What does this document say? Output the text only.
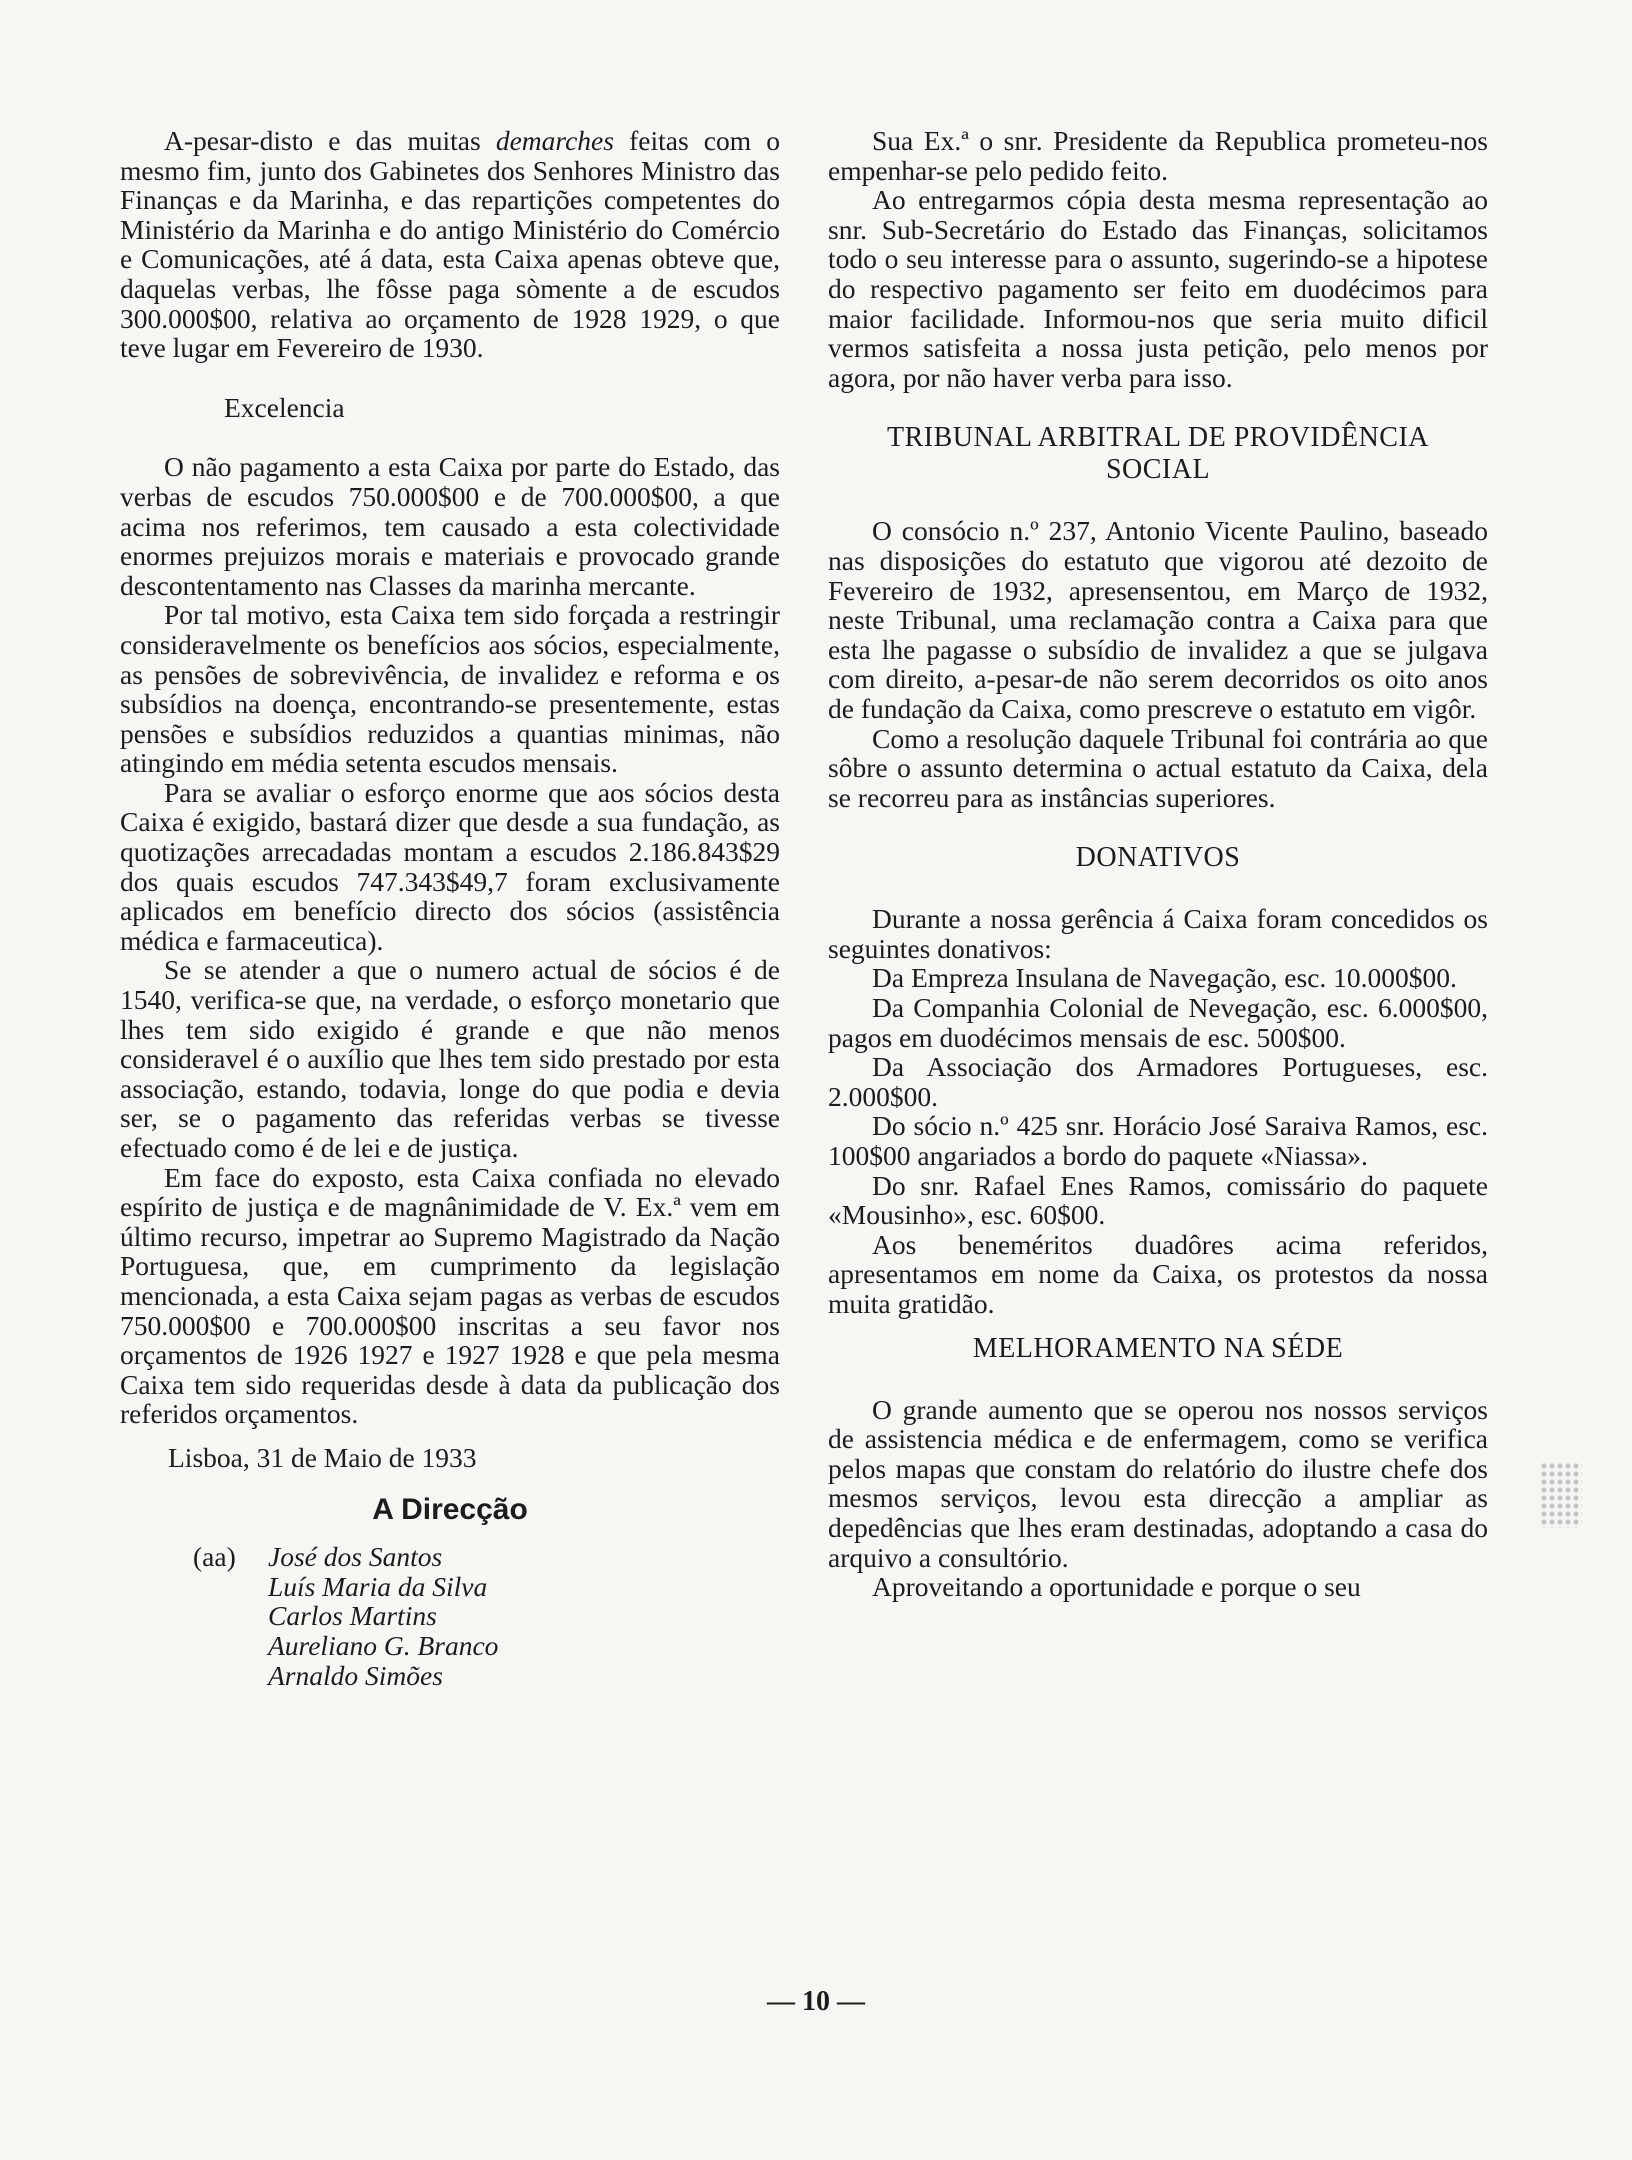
A-pesar-disto e das muitas demarches feitas com o mesmo fim, junto dos Gabinetes dos Senhores Ministro das Finanças e da Marinha, e das repartições competentes do Ministério da Marinha e do antigo Ministério do Comércio e Comunicações, até á data, esta Caixa apenas obteve que, daquelas verbas, lhe fôsse paga sòmente a de escudos 300.000$00, relativa ao orçamento de 1928 1929, o que teve lugar em Fevereiro de 1930.

Excelencia

O não pagamento a esta Caixa por parte do Estado, das verbas de escudos 750.000$00 e de 700.000$00, a que acima nos referimos, tem causado a esta colectividade enormes prejuizos morais e materiais e provocado grande descontentamento nas Classes da marinha mercante.

Por tal motivo, esta Caixa tem sido forçada a restringir consideravelmente os benefícios aos sócios, especialmente, as pensões de sobrevivência, de invalidez e reforma e os subsídios na doença, encontrando-se presentemente, estas pensões e subsídios reduzidos a quantias minimas, não atingindo em média setenta escudos mensais.

Para se avaliar o esforço enorme que aos sócios desta Caixa é exigido, bastará dizer que desde a sua fundação, as quotizações arrecadadas montam a escudos 2.186.843$29 dos quais escudos 747.343$49,7 foram exclusivamente aplicados em benefício directo dos sócios (assistência médica e farmaceutica).

Se se atender a que o numero actual de sócios é de 1540, verifica-se que, na verdade, o esforço monetario que lhes tem sido exigido é grande e que não menos consideravel é o auxílio que lhes tem sido prestado por esta associação, estando, todavia, longe do que podia e devia ser, se o pagamento das referidas verbas se tivesse efectuado como é de lei e de justiça.

Em face do exposto, esta Caixa confiada no elevado espírito de justiça e de magnânimidade de V. Ex.ª vem em último recurso, impetrar ao Supremo Magistrado da Nação Portuguesa, que, em cumprimento da legislação mencionada, a esta Caixa sejam pagas as verbas de escudos 750.000$00 e 700.000$00 inscritas a seu favor nos orçamentos de 1926 1927 e 1927 1928 e que pela mesma Caixa tem sido requeridas desde à data da publicação dos referidos orçamentos.

Lisboa, 31 de Maio de 1933

A Direcção

(aa)	José dos Santos
Luís Maria da Silva
Carlos Martins
Aureliano G. Branco
Arnaldo Simões

Sua Ex.ª o snr. Presidente da Republica prometeu-nos empenhar-se pelo pedido feito.

Ao entregarmos cópia desta mesma representação ao snr. Sub-Secretário do Estado das Finanças, solicitamos todo o seu interesse para o assunto, sugerindo-se a hipotese do respectivo pagamento ser feito em duodécimos para maior facilidade. Informou-nos que seria muito dificil vermos satisfeita a nossa justa petição, pelo menos por agora, por não haver verba para isso.

TRIBUNAL ARBITRAL DE PROVIDÊNCIA
SOCIAL

O consócio n.º 237, Antonio Vicente Paulino, baseado nas disposições do estatuto que vigorou até dezoito de Fevereiro de 1932, apresensentou, em Março de 1932, neste Tribunal, uma reclamação contra a Caixa para que esta lhe pagasse o subsídio de invalidez a que se julgava com direito, a-pesar-de não serem decorridos os oito anos de fundação da Caixa, como prescreve o estatuto em vigôr.

Como a resolução daquele Tribunal foi contrária ao que sôbre o assunto determina o actual estatuto da Caixa, dela se recorreu para as instâncias superiores.

DONATIVOS

Durante a nossa gerência á Caixa foram concedidos os seguintes donativos:

Da Empreza Insulana de Navegação, esc. 10.000$00.

Da Companhia Colonial de Nevegação, esc. 6.000$00, pagos em duodécimos mensais de esc. 500$00.

Da Associação dos Armadores Portugueses, esc. 2.000$00.

Do sócio n.º 425 snr. Horácio José Saraiva Ramos, esc. 100$00 angariados a bordo do paquete «Niassa».

Do snr. Rafael Enes Ramos, comissário do paquete «Mousinho», esc. 60$00.

Aos beneméritos duadôres acima referidos, apresentamos em nome da Caixa, os protestos da nossa muita gratidão.

MELHORAMENTO NA SÉDE

O grande aumento que se operou nos nossos serviços de assistencia médica e de enfermagem, como se verifica pelos mapas que constam do relatório do ilustre chefe dos mesmos serviços, levou esta direcção a ampliar as depedências que lhes eram destinadas, adoptando a casa do arquivo a consultório.

Aproveitando a oportunidade e porque o seu

— 10 —
